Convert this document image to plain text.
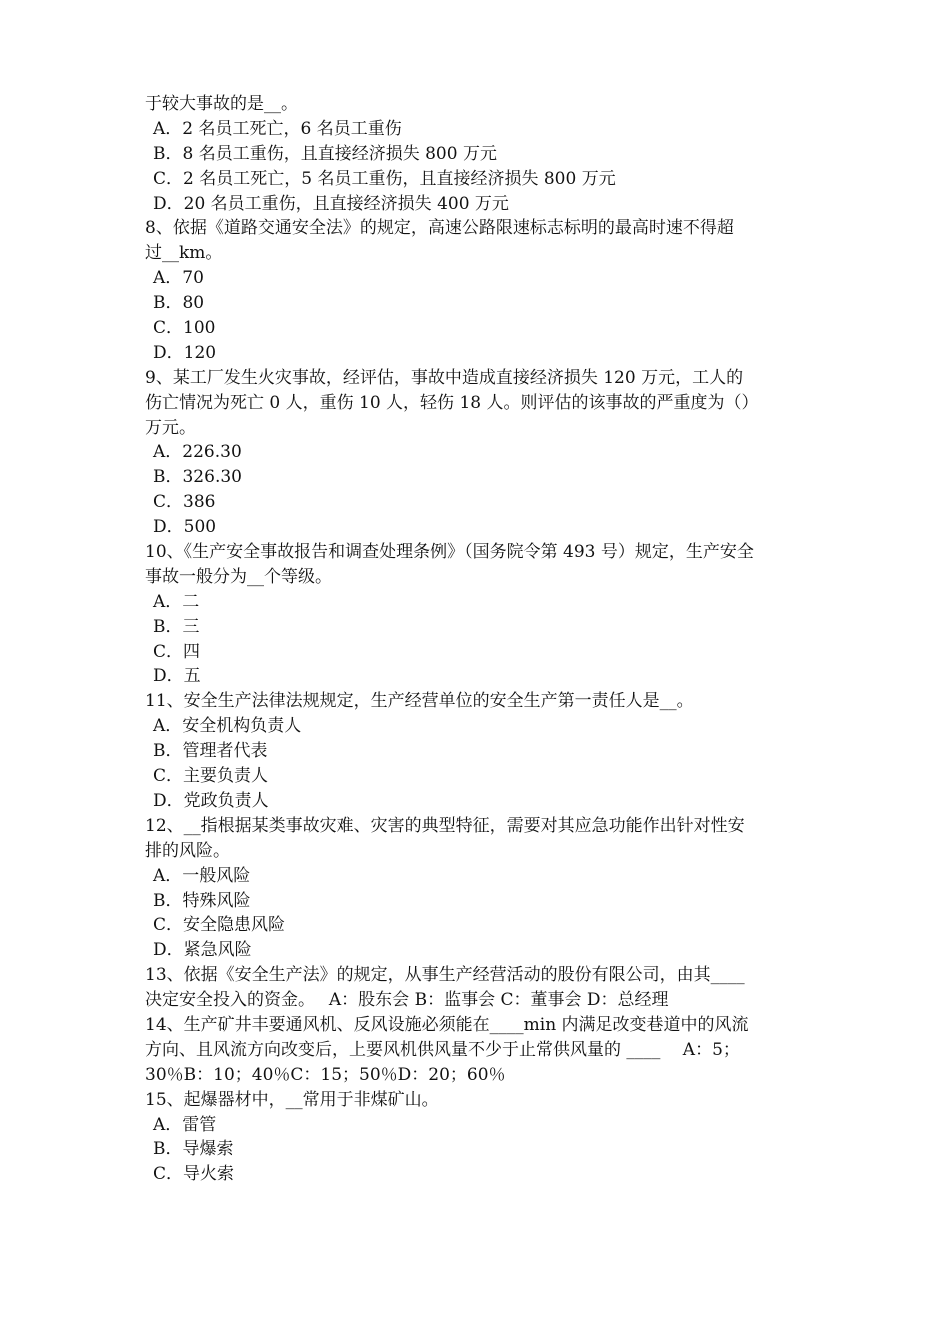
于较大事故的是__。
A．2 名员工死亡，6 名员工重伤
B．8 名员工重伤，且直接经济损失 800 万元
C．2 名员工死亡，5 名员工重伤，且直接经济损失 800 万元
D．20 名员工重伤，且直接经济损失 400 万元
8、依据《道路交通安全法》的规定，高速公路限速标志标明的最高时速不得超
过__km。
A．70
B．80
C．100
D．120
9、某工厂发生火灾事故，经评估，事故中造成直接经济损失 120 万元，工人的
伤亡情况为死亡 0 人，重伤 10 人，轻伤 18 人。则评估的该事故的严重度为（）
万元。
A．226.30
B．326.30
C．386
D．500
10、《生产安全事故报告和调查处理条例》（国务院令第 493 号）规定，生产安全
事故一般分为__个等级。
A．二
B．三
C．四
D．五
11、安全生产法律法规规定，生产经营单位的安全生产第一责任人是__。
A．安全机构负责人
B．管理者代表
C．主要负责人
D．党政负责人
12、__指根据某类事故灾难、灾害的典型特征，需要对其应急功能作出针对性安
排的风险。
A．一般风险
B．特殊风险
C．安全隐患风险
D．紧急风险
13、依据《安全生产法》的规定，从事生产经营活动的股份有限公司，由其____
决定安全投入的资金。　 A：股东会 B：监事会 C：董事会 D：总经理
14、生产矿井丰要通风机、反风设施必须能在____min 内满足改变巷道中的风流
方向、且风流方向改变后，上要风机供风量不少于止常供风量的 ____　 A：5；
30％B：10；40％C：15；50％D：20；60％
15、起爆器材中，__常用于非煤矿山。
A．雷管
B．导爆索
C．导火索
